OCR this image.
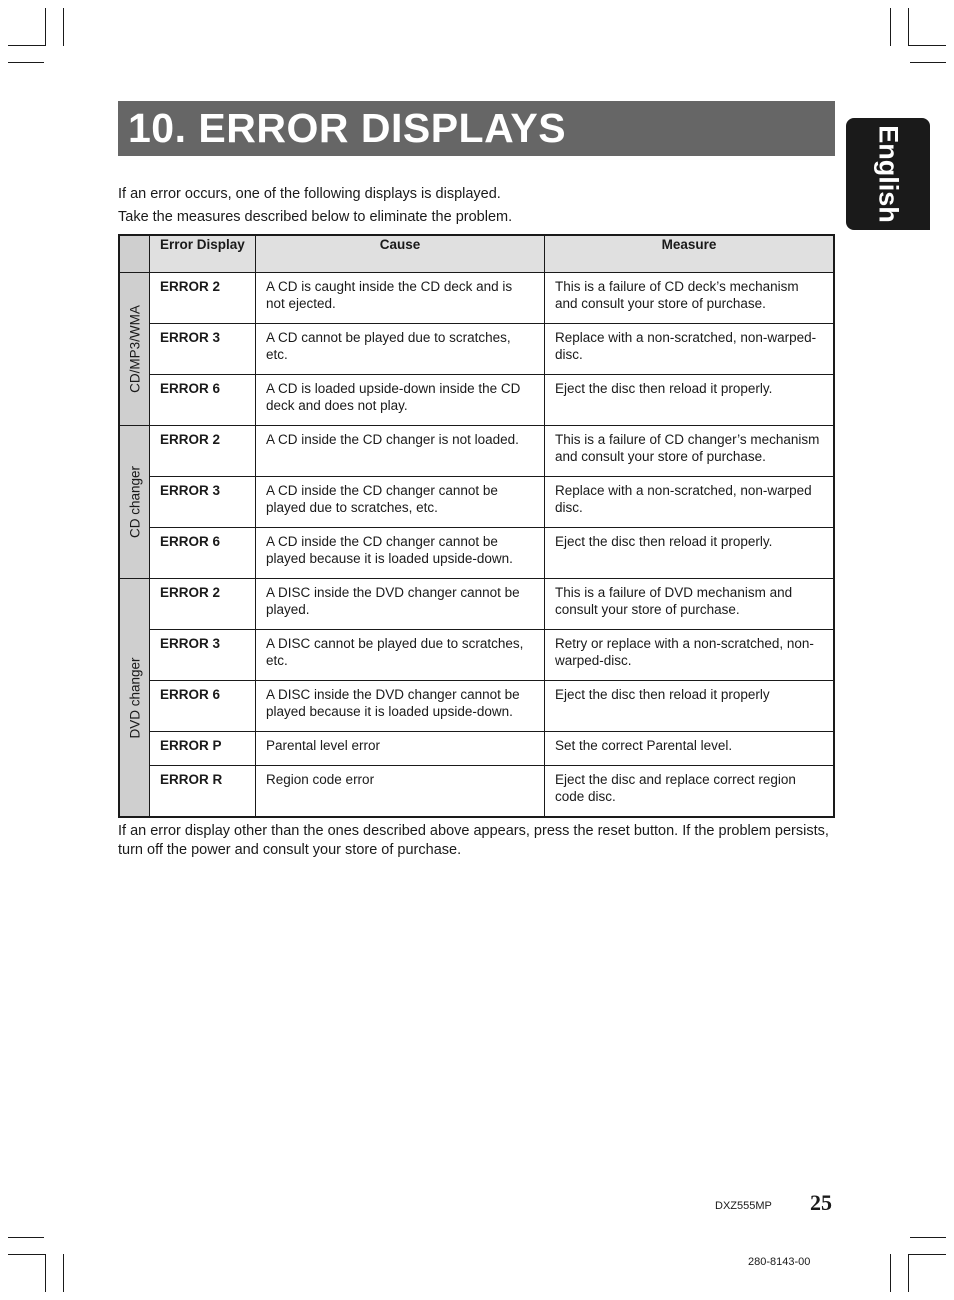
10. ERROR DISPLAYS	English
If an error occurs, one of the following displays is displayed.
Take the measures described below to eliminate the problem.
	Error Display	Cause	Measure

CD/MP3/WMA	ERROR 2	A CD is caught inside the CD deck and is not ejected.	This is a failure of CD deck’s mechanism and consult your store of purchase.
	ERROR 3	A CD cannot be played due to scratches, etc.	Replace with a non-scratched, non-warped-disc.
	ERROR 6	A CD is loaded upside-down inside the CD deck and does not play.	Eject the disc then reload it properly.

CD changer	ERROR 2	A CD inside the CD changer is not loaded.	This is a failure of CD changer’s mechanism and consult your store of purchase.
	ERROR 3	A CD inside the CD changer cannot be played due to scratches, etc.	Replace with a non-scratched, non-warped disc.
	ERROR 6	A CD inside the CD changer cannot be played because it is loaded upside-down.	Eject the disc then reload it properly.

DVD changer	ERROR 2	A DISC inside the DVD changer cannot be played.	This is a failure of DVD mechanism and consult your store of purchase.
	ERROR 3	A DISC cannot be played due to scratches, etc.	Retry or replace with a non-scratched, non-warped-disc.
	ERROR 6	A DISC inside the DVD changer cannot be played because it is loaded upside-down.	Eject the disc then reload it properly
	ERROR P	Parental level error	Set the correct Parental level.
	ERROR R	Region code error	Eject the disc and replace correct region code disc.
If an error display other than the ones described above appears, press the reset button. If the problem persists, turn off the power and consult your store of purchase.
DXZ555MP 25
280-8143-00
